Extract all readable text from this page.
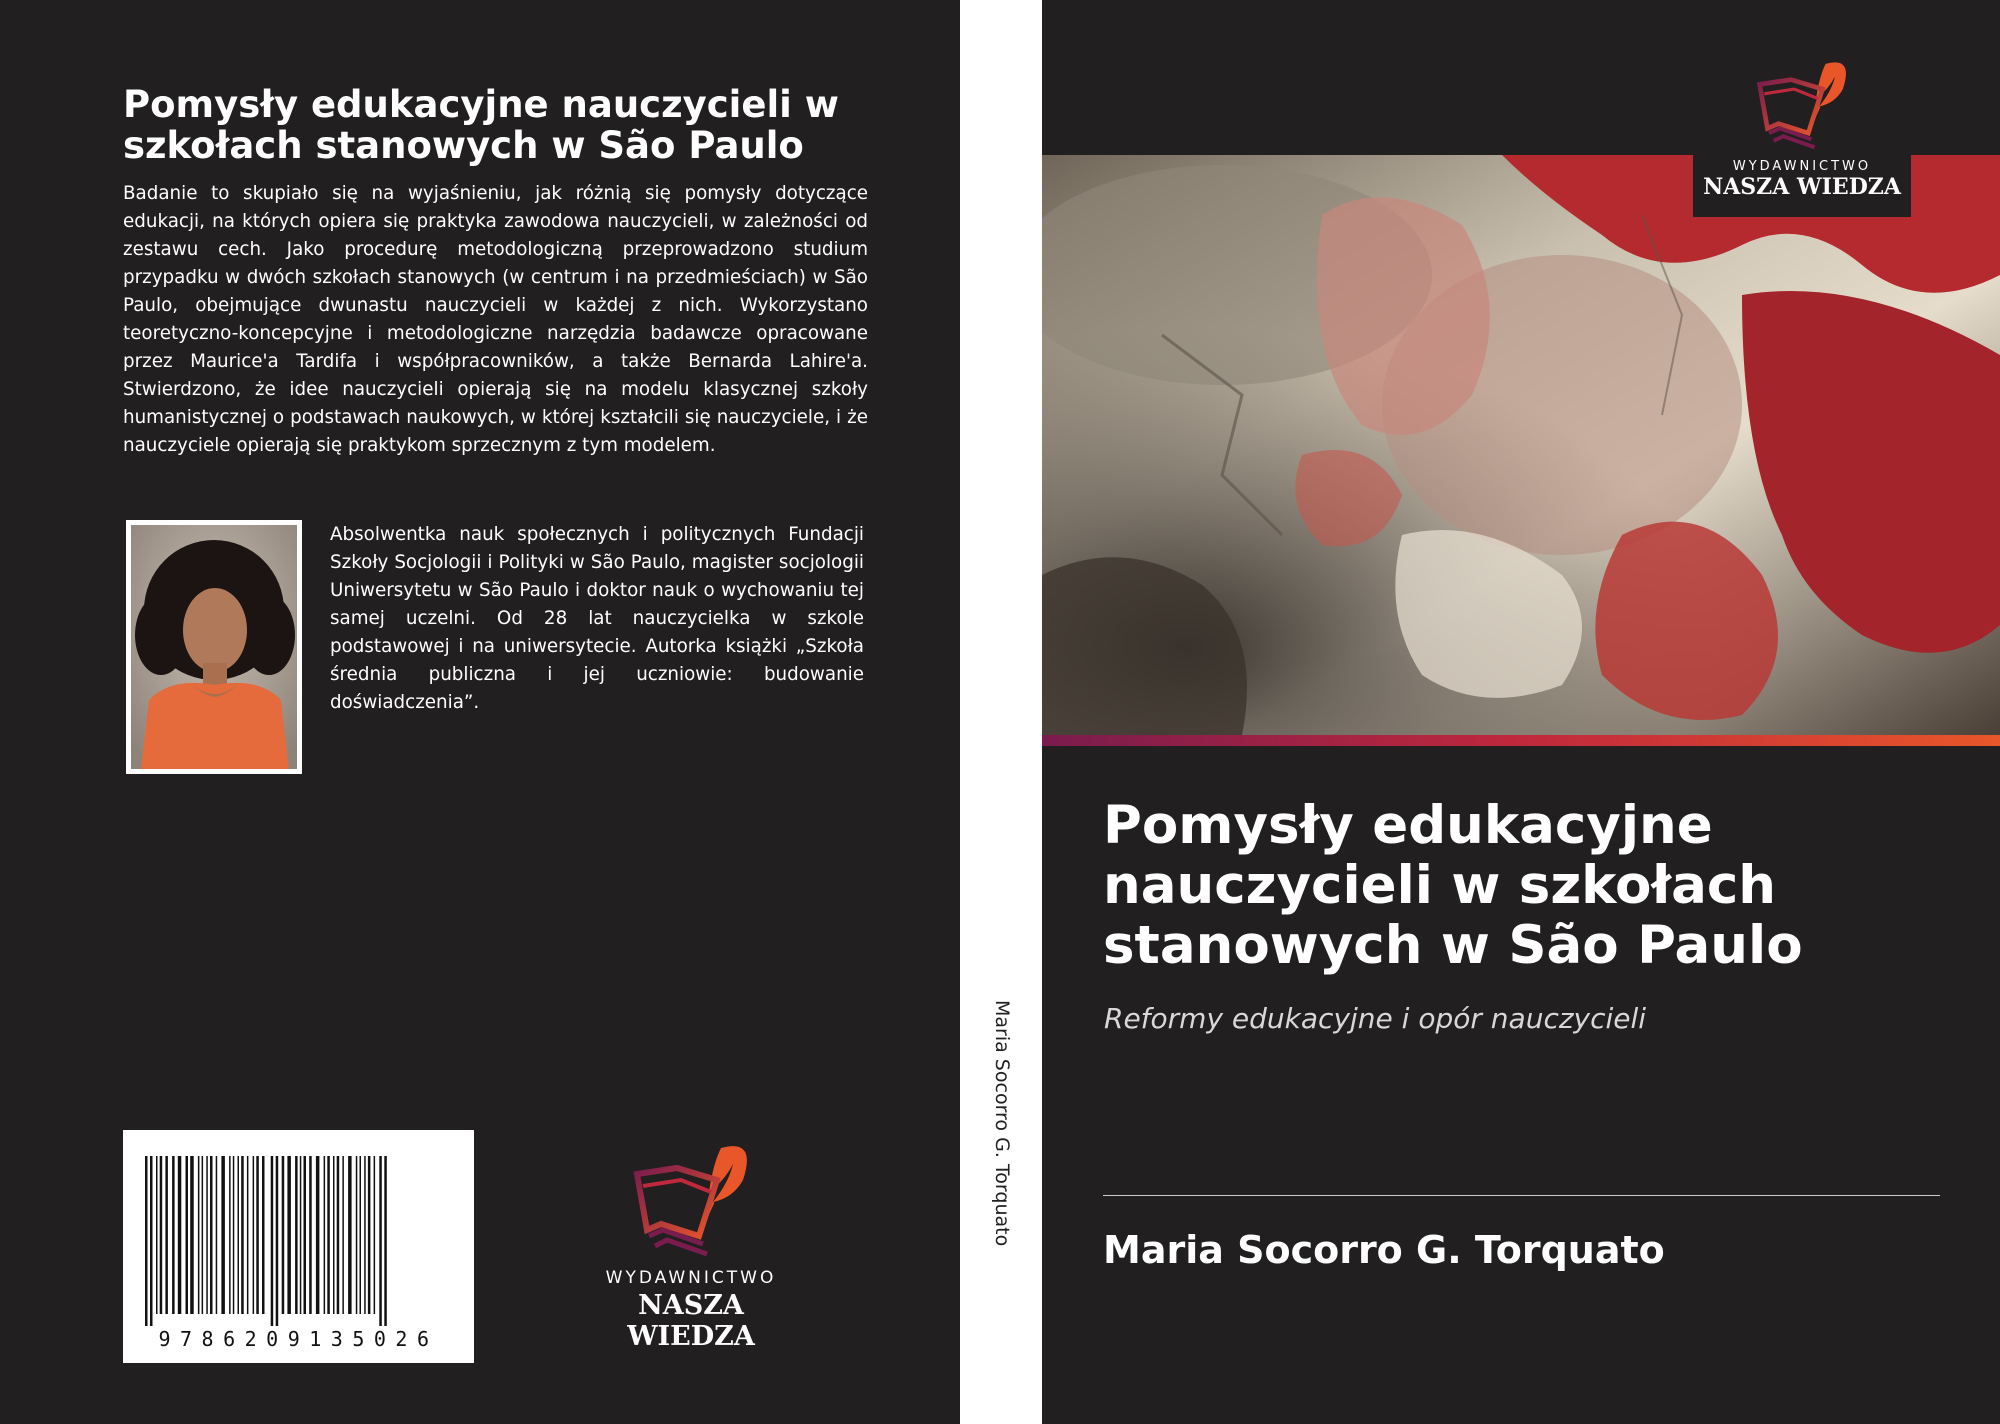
Pomysły edukacyjne nauczycieli w szkołach stanowych w São Paulo

Badanie to skupiało się na wyjaśnieniu, jak różnią się pomysły dotyczące edukacji, na których opiera się praktyka zawodowa nauczycieli, w zależności od zestawu cech. Jako procedurę metodologiczną przeprowadzono studium przypadku w dwóch szkołach stanowych (w centrum i na przedmieściach) w São Paulo, obejmujące dwunastu nauczycieli w każdej z nich. Wykorzystano teoretyczno-koncepcyjne i metodologiczne narzędzia badawcze opracowane przez Maurice'a Tardifa i współpracowników, a także Bernarda Lahire'a. Stwierdzono, że idee nauczycieli opierają się na modelu klasycznej szkoły humanistycznej o podstawach naukowych, w której kształcili się nauczyciele, i że nauczyciele opierają się praktykom sprzecznym z tym modelem.

Absolwentka nauk społecznych i politycznych Fundacji Szkoły Socjologii i Polityki w São Paulo, magister socjologii Uniwersytetu w São Paulo i doktor nauk o wychowaniu tej samej uczelni. Od 28 lat nauczycielka w szkole podstawowej i na uniwersytecie. Autorka książki „Szkoła średnia publiczna i jej uczniowie: budowanie doświadczenia”.

9786209135026
WYDAWNICTWO
NASZA WIEDZA
Maria Socorro G. Torquato
WYDAWNICTWO
NASZA WIEDZA
Pomysły edukacyjne nauczycieli w szkołach stanowych w São Paulo

Reformy edukacyjne i opór nauczycieli

Maria Socorro G. Torquato
